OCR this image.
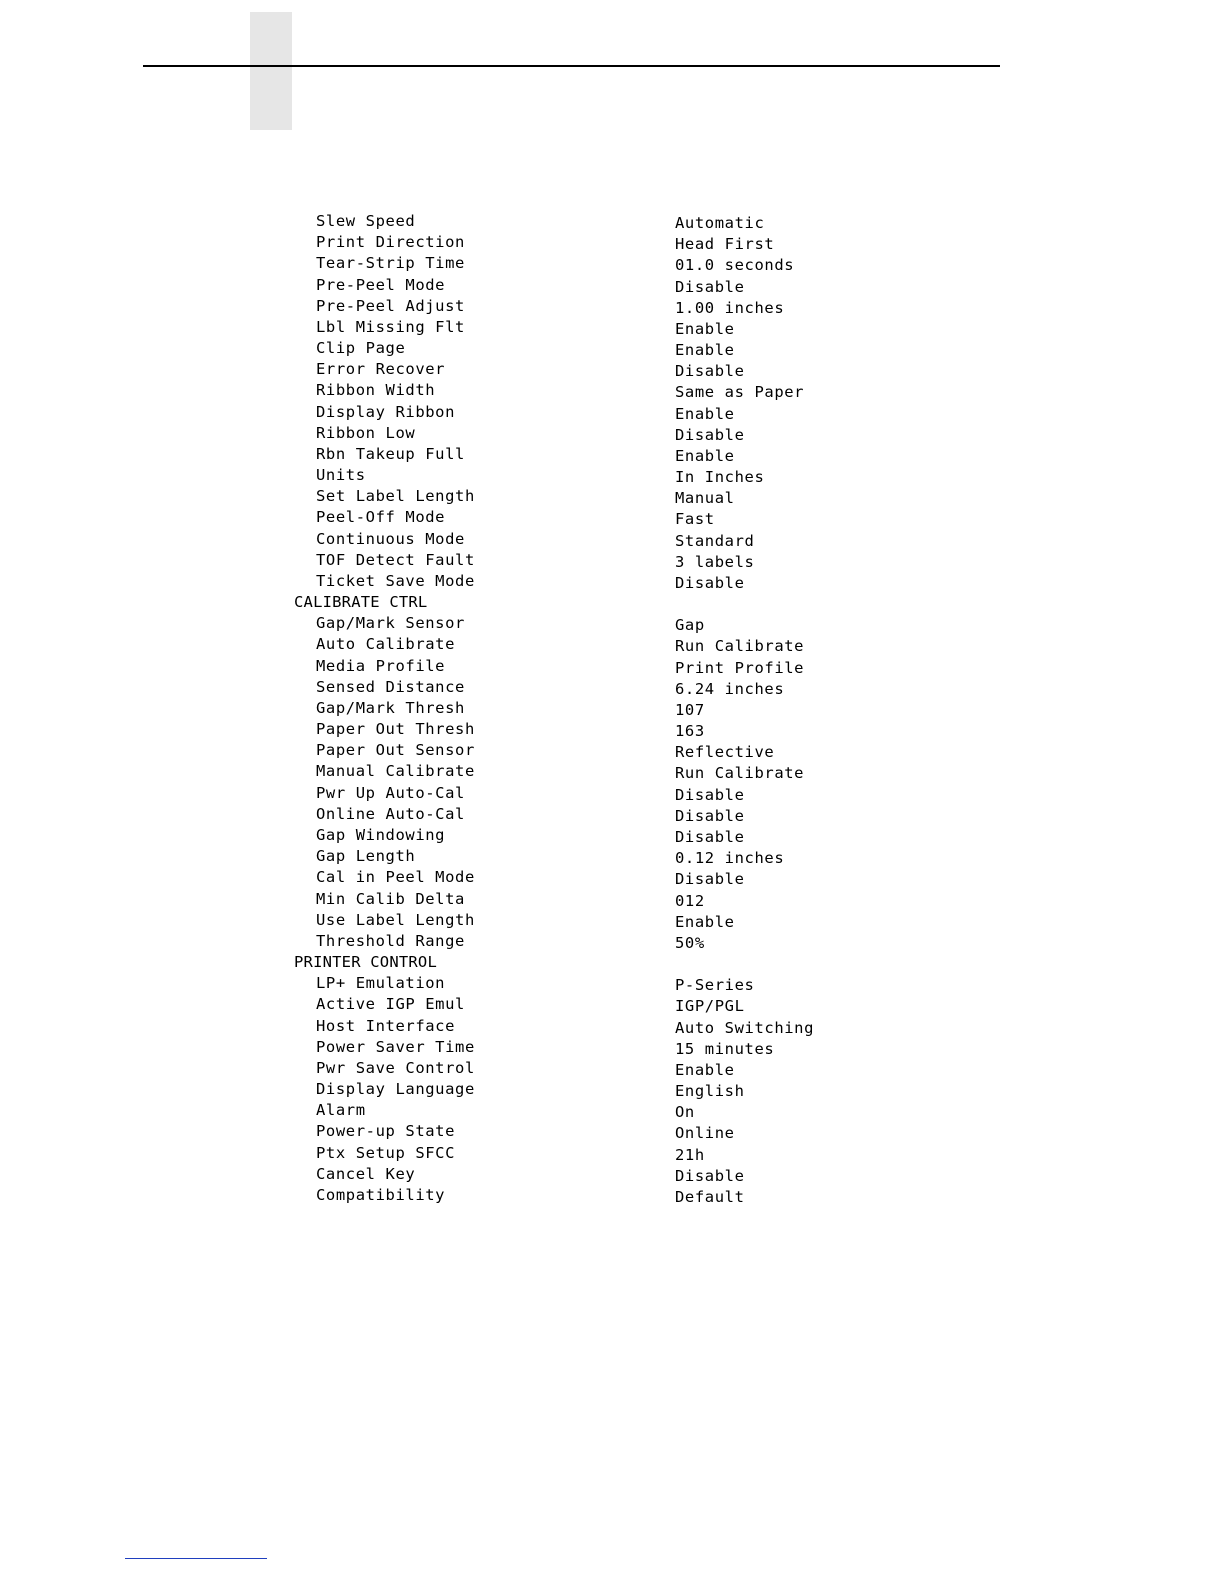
Slew Speed	Automatic
Print Direction	Head First
Tear-Strip Time	01.0 seconds
Pre-Peel Mode	Disable
Pre-Peel Adjust	1.00 inches
Lbl Missing Flt	Enable
Clip Page	Enable
Error Recover	Disable
Ribbon Width	Same as Paper
Display Ribbon	Enable
Ribbon Low	Disable
Rbn Takeup Full	Enable
Units	In Inches
Set Label Length	Manual
Peel-Off Mode	Fast
Continuous Mode	Standard
TOF Detect Fault	3 labels
Ticket Save Mode	Disable
CALIBRATE CTRL
Gap/Mark Sensor	Gap
Auto Calibrate	Run Calibrate
Media Profile	Print Profile
Sensed Distance	6.24 inches
Gap/Mark Thresh	107
Paper Out Thresh	163
Paper Out Sensor	Reflective
Manual Calibrate	Run Calibrate
Pwr Up Auto-Cal	Disable
Online Auto-Cal	Disable
Gap Windowing	Disable
Gap Length	0.12 inches
Cal in Peel Mode	Disable
Min Calib Delta	012
Use Label Length	Enable
Threshold Range	50%
PRINTER CONTROL
LP+ Emulation	P-Series
Active IGP Emul	IGP/PGL
Host Interface	Auto Switching
Power Saver Time	15 minutes
Pwr Save Control	Enable
Display Language	English
Alarm	On
Power-up State	Online
Ptx Setup SFCC	21h
Cancel Key	Disable
Compatibility	Default
